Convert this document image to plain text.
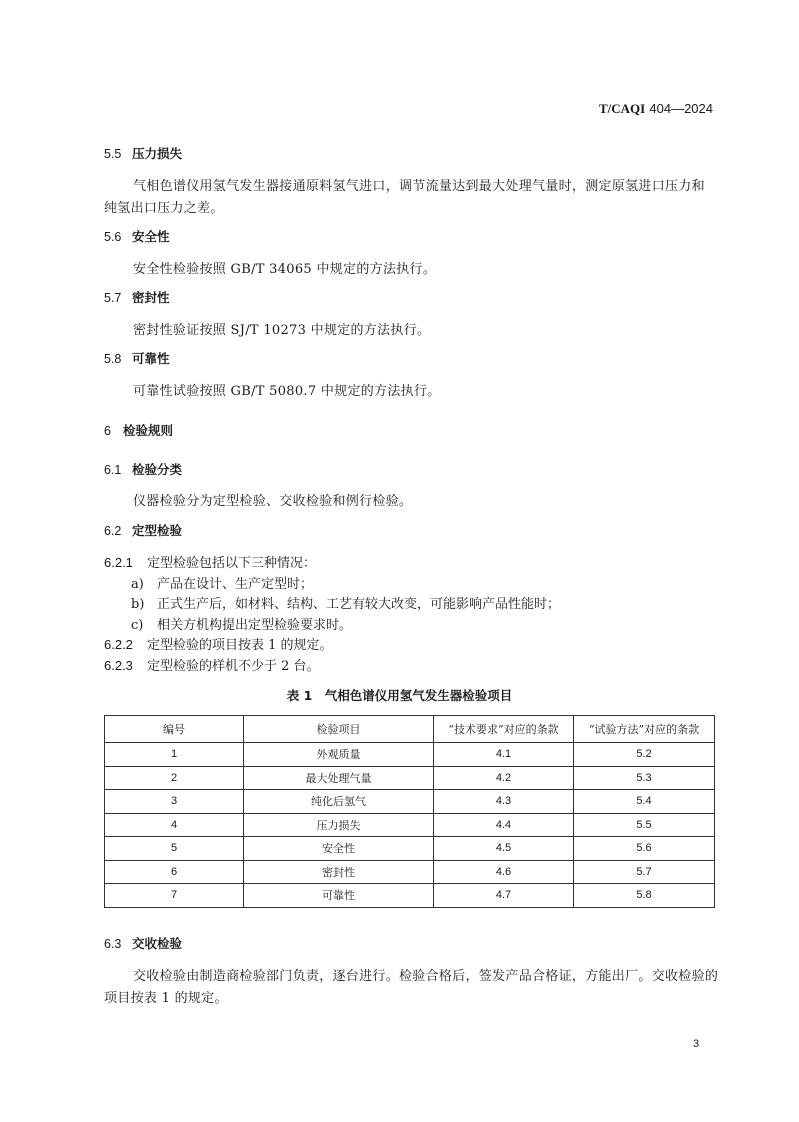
T/CAQI 404—2024
5.5 压力损失
气相色谱仪用氢气发生器接通原料氢气进口，调节流量达到最大处理气量时，测定原氢进口压力和
纯氢出口压力之差。
5.6 安全性
安全性检验按照 GB/T 34065 中规定的方法执行。
5.7 密封性
密封性验证按照 SJ/T 10273 中规定的方法执行。
5.8 可靠性
可靠性试验按照 GB/T 5080.7 中规定的方法执行。
6 检验规则
6.1 检验分类
仪器检验分为定型检验、交收检验和例行检验。
6.2 定型检验
6.2.1 定型检验包括以下三种情况：
a) 产品在设计、生产定型时；
b) 正式生产后，如材料、结构、工艺有较大改变，可能影响产品性能时；
c) 相关方机构提出定型检验要求时。
6.2.2 定型检验的项目按表 1 的规定。
6.2.3 定型检验的样机不少于 2 台。
表 1　气相色谱仪用氢气发生器检验项目
编号	检验项目	“技术要求”对应的条款	“试验方法”对应的条款
1	外观质量	4.1	5.2
2	最大处理气量	4.2	5.3
3	纯化后氢气	4.3	5.4
4	压力损失	4.4	5.5
5	安全性	4.5	5.6
6	密封性	4.6	5.7
7	可靠性	4.7	5.8
6.3 交收检验
交收检验由制造商检验部门负责，逐台进行。检验合格后，签发产品合格证，方能出厂。交收检验的
项目按表 1 的规定。
3
